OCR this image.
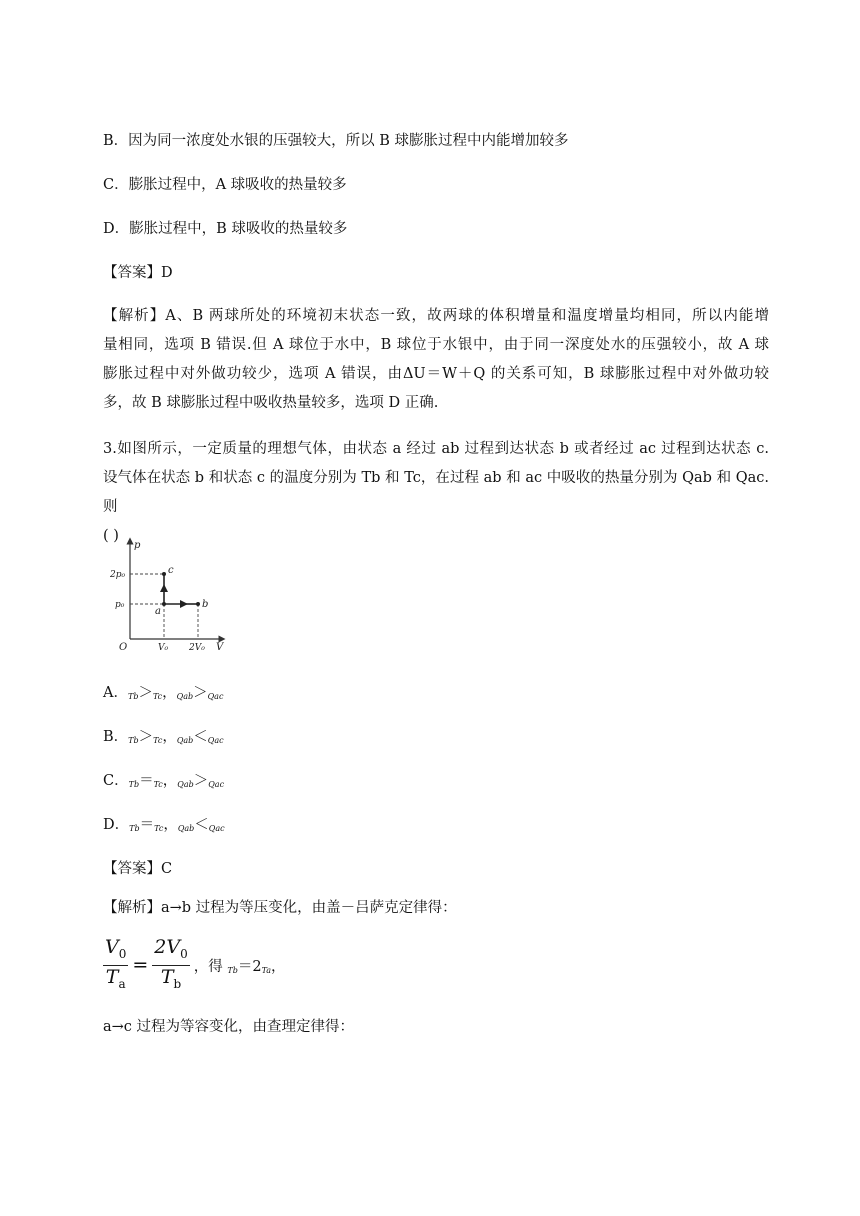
B．因为同一浓度处水银的压强较大，所以 B 球膨胀过程中内能增加较多
C．膨胀过程中，A 球吸收的热量较多
D．膨胀过程中，B 球吸收的热量较多
【答案】D
【解析】A、B 两球所处的环境初末状态一致，故两球的体积增量和温度增量均相同，所以内能增
量相同，选项 B 错误.但 A 球位于水中，B 球位于水银中，由于同一深度处水的压强较小，故 A 球
膨胀过程中对外做功较少，选项 A 错误，由ΔU＝W＋Q 的关系可知，B 球膨胀过程中对外做功较
多，故 B 球膨胀过程中吸收热量较多，选项 D 正确.
3.如图所示，一定质量的理想气体，由状态 a 经过 ab 过程到达状态 b 或者经过 ac 过程到达状态 c.
设气体在状态 b 和状态 c 的温度分别为 Tb 和 Tc，在过程 ab 和 ac 中吸收的热量分别为 Qab 和 Qac.则
( )
p
V
O
2p₀
p₀
V₀ 2V₀
a
c
b
A．$_{Tb}>_{Tc}$，$_{Qab}>_{Qac}$
B．$_{Tb}>_{Tc}$，$_{Qab}<_{Qac}$
C．$_{Tb}=_{Tc}$，$_{Qab}>_{Qac}$
D．$_{Tb}=_{Tc}$，$_{Qab}<_{Qac}$
【答案】C
【解析】a→b 过程为等压变化，由盖－吕萨克定律得：
$\frac{V_0}{T_a} = \frac{2V_0}{T_b}$ ，得 $_{Tb}=2_{Ta}$，
a→c 过程为等容变化，由查理定律得：
